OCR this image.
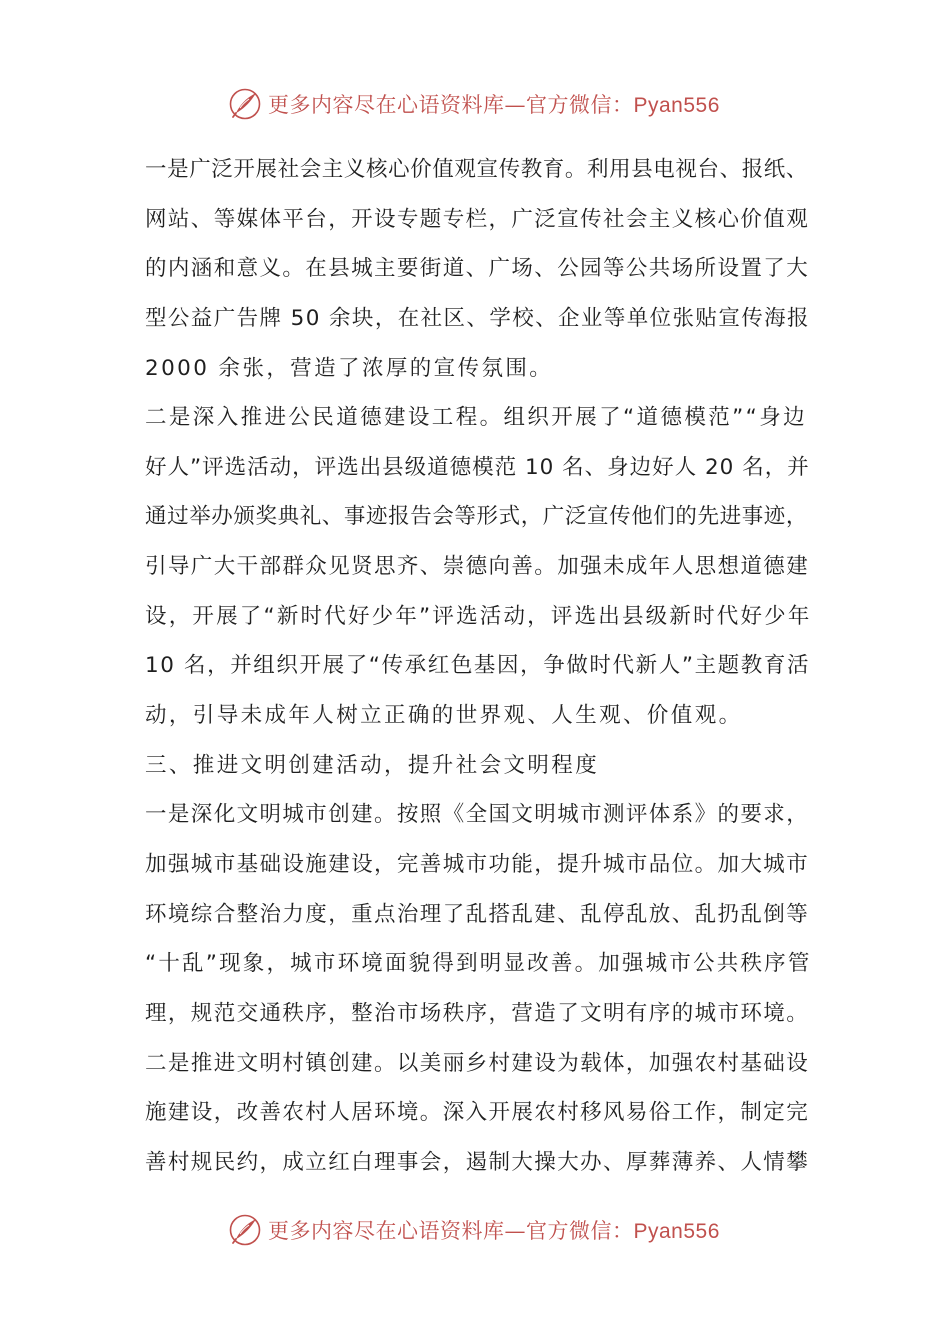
更多内容尽在心语资料库—官方微信：Pyan556
一是广泛开展社会主义核心价值观宣传教育。利用县电视台、报纸、
网站、等媒体平台，开设专题专栏，广泛宣传社会主义核心价值观
的内涵和意义。在县城主要街道、广场、公园等公共场所设置了大
型公益广告牌 50 余块，在社区、学校、企业等单位张贴宣传海报
2000 余张，营造了浓厚的宣传氛围。
二是深入推进公民道德建设工程。组织开展了“道德模范”“身边
好人”评选活动，评选出县级道德模范 10 名、身边好人 20 名，并
通过举办颁奖典礼、事迹报告会等形式，广泛宣传他们的先进事迹，
引导广大干部群众见贤思齐、崇德向善。加强未成年人思想道德建
设，开展了“新时代好少年”评选活动，评选出县级新时代好少年
10 名，并组织开展了“传承红色基因，争做时代新人”主题教育活
动，引导未成年人树立正确的世界观、人生观、价值观。
三、推进文明创建活动，提升社会文明程度
一是深化文明城市创建。按照《全国文明城市测评体系》的要求，
加强城市基础设施建设，完善城市功能，提升城市品位。加大城市
环境综合整治力度，重点治理了乱搭乱建、乱停乱放、乱扔乱倒等
“十乱”现象，城市环境面貌得到明显改善。加强城市公共秩序管
理，规范交通秩序，整治市场秩序，营造了文明有序的城市环境。
二是推进文明村镇创建。以美丽乡村建设为载体，加强农村基础设
施建设，改善农村人居环境。深入开展农村移风易俗工作，制定完
善村规民约，成立红白理事会，遏制大操大办、厚葬薄养、人情攀
更多内容尽在心语资料库—官方微信：Pyan556
